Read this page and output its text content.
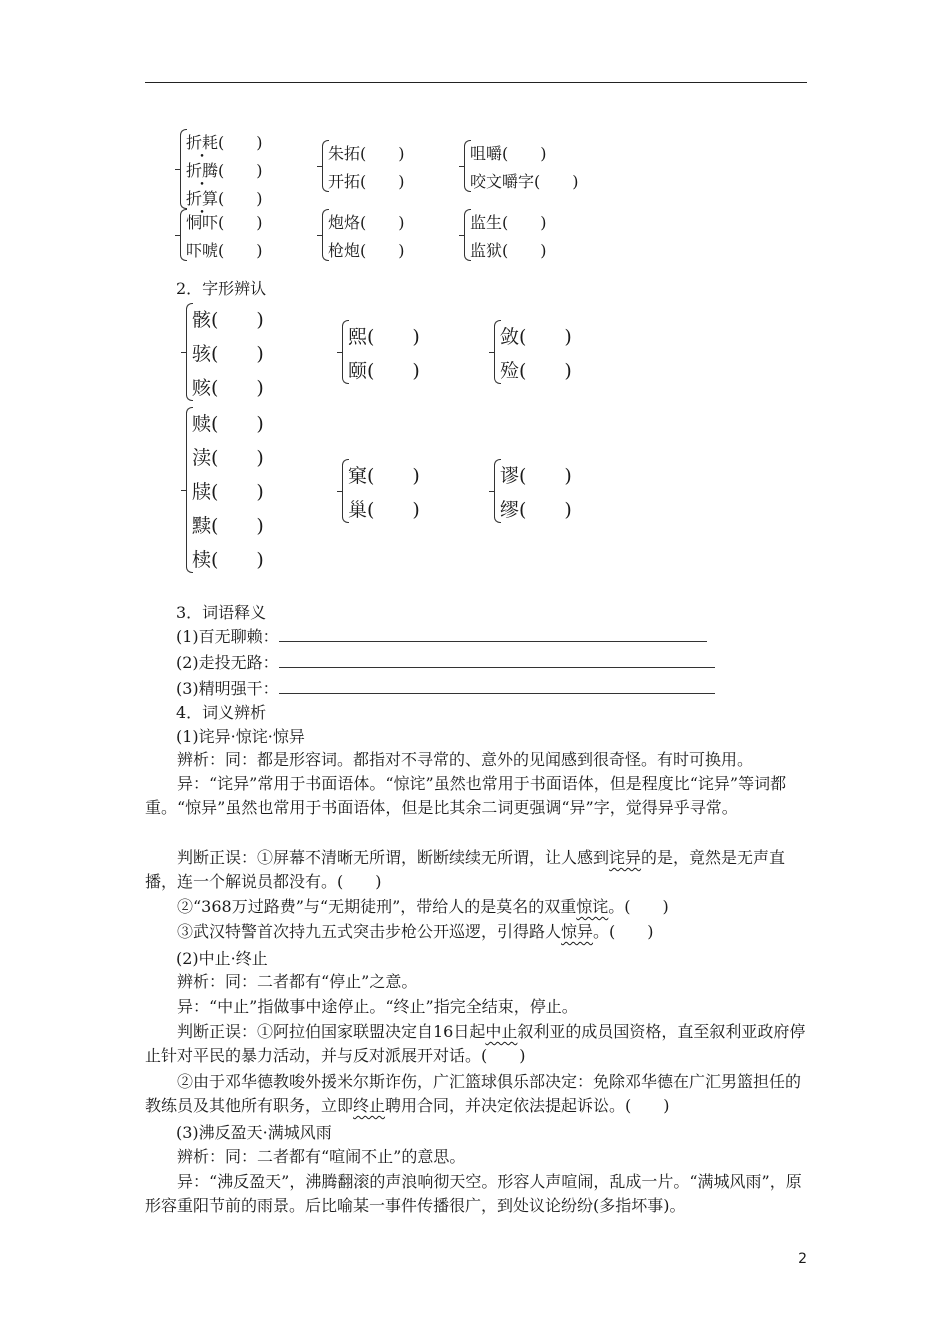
折耗 • (　　)
折腾 • (　　)
折算 • (　　)
朱拓 (　　)
开拓 (　　)
咀嚼 (　　)
咬文嚼字 (　　)
恫吓 (　　)
吓唬 (　　)
炮烙 (　　)
枪炮 (　　)
监生 (　　)
监狱 (　　)
2．字形辨认
骸 (　　)
骇 (　　)
赅 (　　)
熙 (　　)
颐 (　　)
敛 (　　)
殓 (　　)
赎 (　　)
渎 (　　)
牍 (　　)
黩 (　　)
椟 (　　)
窠 (　　)
巢 (　　)
谬 (　　)
缪 (　　)
3．词语释义
(1)百无聊赖：
(2)走投无路：
(3)精明强干：
4．词义辨析
(1)诧异·惊诧·惊异
辨析：同：都是形容词。都指对不寻常的、意外的见闻感到很奇怪。有时可换用。
异：“诧异”常用于书面语体。“惊诧”虽然也常用于书面语体，但是程度比“诧异”等词都重。“惊异”虽然也常用于书面语体，但是比其余二词更强调“异”字，觉得异乎寻常。
判断正误：①屏幕不清晰无所谓，断断续续无所谓，让人感到诧异的是，竟然是无声直播，连一个解说员都没有。(　　)
②“368万过路费”与“无期徒刑”，带给人的是莫名的双重惊诧。(　　)
③武汉特警首次持九五式突击步枪公开巡逻，引得路人惊异。(　　)
(2)中止·终止
辨析：同：二者都有“停止”之意。
异：“中止”指做事中途停止。“终止”指完全结束，停止。
判断正误：①阿拉伯国家联盟决定自16日起中止叙利亚的成员国资格，直至叙利亚政府停止针对平民的暴力活动，并与反对派展开对话。(　　)
②由于邓华德教唆外援米尔斯诈伤，广汇篮球俱乐部决定：免除邓华德在广汇男篮担任的教练员及其他所有职务，立即终止聘用合同，并决定依法提起诉讼。(　　)
(3)沸反盈天·满城风雨
辨析：同：二者都有“喧闹不止”的意思。
异：“沸反盈天”，沸腾翻滚的声浪响彻天空。形容人声喧闹，乱成一片。“满城风雨”，原形容重阳节前的雨景。后比喻某一事件传播很广，到处议论纷纷(多指坏事)。
2
